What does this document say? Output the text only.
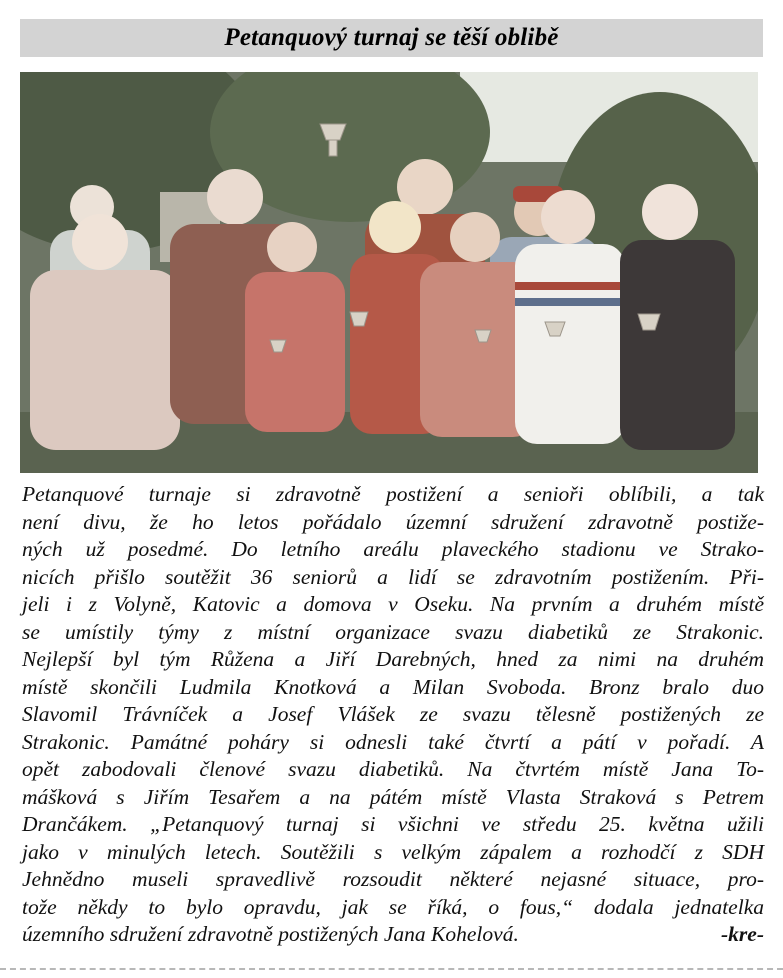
Petanquový turnaj se těší oblibě
Petanquové turnaje si zdravotně postižení a senioři oblíbili, a tak
není divu, že ho letos pořádalo územní sdružení zdravotně postiže-
ných už posedmé. Do letního areálu plaveckého stadionu ve Strako-
nicích přišlo soutěžit 36 seniorů a lidí se zdravotním postižením. Při-
jeli i z Volyně, Katovic a domova v Oseku. Na prvním a druhém místě
se umístily týmy z místní organizace svazu diabetiků ze Strakonic.
Nejlepší byl tým Růžena a Jiří Darebných, hned za nimi na druhém
místě skončili Ludmila Knotková a Milan Svoboda. Bronz bralo duo
Slavomil Trávníček a Josef Vlášek ze svazu tělesně postižených ze
Strakonic. Památné poháry si odnesli také čtvrtí a pátí v pořadí. A
opět zabodovali členové svazu diabetiků. Na čtvrtém místě Jana To-
mášková s Jiřím Tesařem a na pátém místě Vlasta Straková s Petrem
Drančákem. „Petanquový turnaj si všichni ve středu 25. května užili
jako v minulých letech. Soutěžili s velkým zápalem a rozhodčí z SDH
Jehnědno museli spravedlivě rozsoudit některé nejasné situace, pro-
tože někdy to bylo opravdu, jak se říká, o fous,“ dodala jednatelka
územního sdružení zdravotně postižených Jana Kohelová.	-kre-
